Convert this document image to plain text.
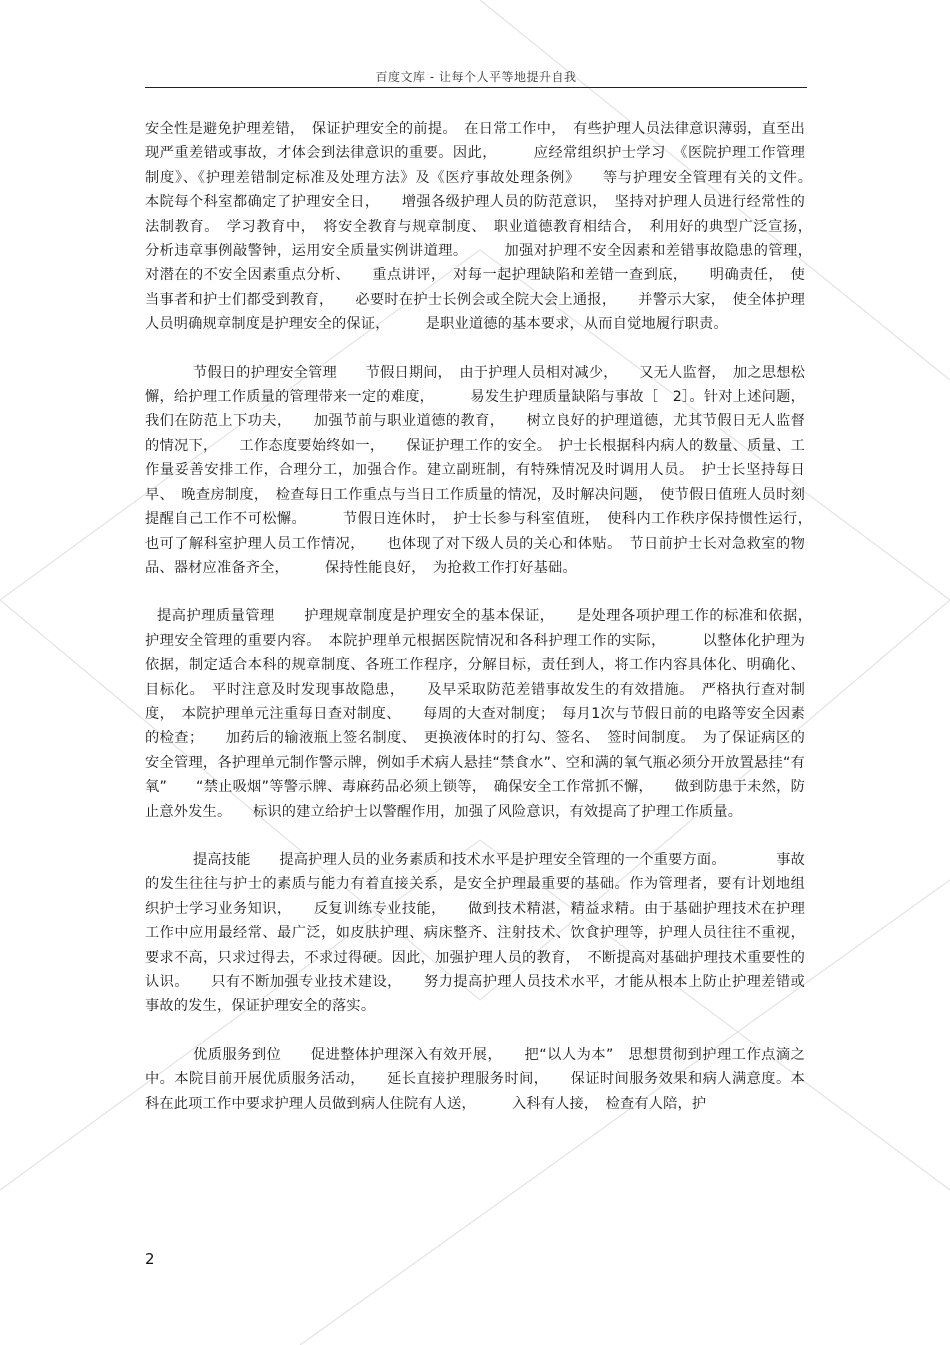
百度文库 - 让每个人平等地提升自我

安全性是避免护理差错，　保证护理安全的前提。　在日常工作中，　有些护理人员法律意识薄弱，直至出现严重差错或事故，才体会到法律意识的重要。因此，　　　应经常组织护士学习　《医院护理工作管理制度》、《护理差错制定标准及处理方法》及《医疗事故处理条例》　　等与护理安全管理有关的文件。　本院每个科室都确定了护理安全日，　　增强各级护理人员的防范意识，　坚持对护理人员进行经常性的法制教育。　学习教育中，　将安全教育与规章制度、　职业道德教育相结合，　利用好的典型广泛宣扬，　　分析违章事例敲警钟，运用安全质量实例讲道理。　　　加强对护理不安全因素和差错事故隐患的管理，　　对潜在的不安全因素重点分析、　　重点讲评，　对每一起护理缺陷和差错一查到底，　　明确责任，　使当事者和护士们都受到教育，　　必要时在护士长例会或全院大会上通报，　　并警示大家，　使全体护理人员明确规章制度是护理安全的保证，　　　是职业道德的基本要求，从而自觉地履行职责。

节假日的护理安全管理　　节假日期间，　由于护理人员相对减少，　　又无人监督，　加之思想松懈，给护理工作质量的管理带来一定的难度，　　　易发生护理质量缺陷与事故［　2］。针对上述问题，我们在防范上下功夫，　　加强节前与职业道德的教育，　　树立良好的护理道德，尤其节假日无人监督的情况下，　　工作态度要始终如一，　　保证护理工作的安全。　护士长根据科内病人的数量、质量、工作量妥善安排工作，合理分工，加强合作。建立副班制，有特殊情况及时调用人员。　护士长坚持每日早、　晚查房制度，　检查每日工作重点与当日工作质量的情况，及时解决问题，　使节假日值班人员时刻提醒自己工作不可松懈。　　　节假日连休时，　护士长参与科室值班，　使科内工作秩序保持惯性运行，　　　也可了解科室护理人员工作情况，　　也体现了对下级人员的关心和体贴。　节日前护士长对急救室的物品、器材应准备齐全，　　　保持性能良好，　为抢救工作打好基础。

提高护理质量管理　　护理规章制度是护理安全的基本保证，　　是处理各项护理工作的标准和依据，　护理安全管理的重要内容。　本院护理单元根据医院情况和各科护理工作的实际，　　　以整体化护理为依据，制定适合本科的规章制度、各班工作程序，分解目标，责任到人，将工作内容具体化、明确化、目标化。　平时注意及时发现事故隐患，　　及早采取防范差错事故发生的有效措施。　严格执行查对制度，　本院护理单元注重每日查对制度、　　每周的大查对制度；　每月1次与节假日前的电路等安全因素的检查；　　加药后的输液瓶上签名制度、　更换液体时的打勾、签名、　签时间制度。　为了保证病区的安全管理，各护理单元制作警示牌，例如手术病人悬挂“禁食水”、空和满的氧气瓶必须分开放置悬挂“有氧”　　“禁止吸烟”等警示牌、毒麻药品必须上锁等，　确保安全工作常抓不懈，　　做到防患于未然，防止意外发生。　　标识的建立给护士以警醒作用，加强了风险意识，有效提高了护理工作质量。

提高技能　　提高护理人员的业务素质和技术水平是护理安全管理的一个重要方面。　　　　事故的发生往往与护士的素质与能力有着直接关系，是安全护理最重要的基础。作为管理者，要有计划地组织护士学习业务知识，　　反复训练专业技能，　　做到技术精湛，精益求精。由于基础护理技术在护理工作中应用最经常、最广泛，如皮肤护理、病床整齐、注射技术、饮食护理等，护理人员往往不重视，要求不高，只求过得去，不求过得硬。因此，加强护理人员的教育，　不断提高对基础护理技术重要性的认识。　　只有不断加强专业技术建设，　　努力提高护理人员技术水平，才能从根本上防止护理差错或事故的发生，保证护理安全的落实。

优质服务到位　　促进整体护理深入有效开展，　　把“以人为本”　思想贯彻到护理工作点滴之中。本院目前开展优质服务活动，　　延长直接护理服务时间，　　保证时间服务效果和病人满意度。本科在此项工作中要求护理人员做到病人住院有人送，　　　入科有人接，　检查有人陪，护

2
